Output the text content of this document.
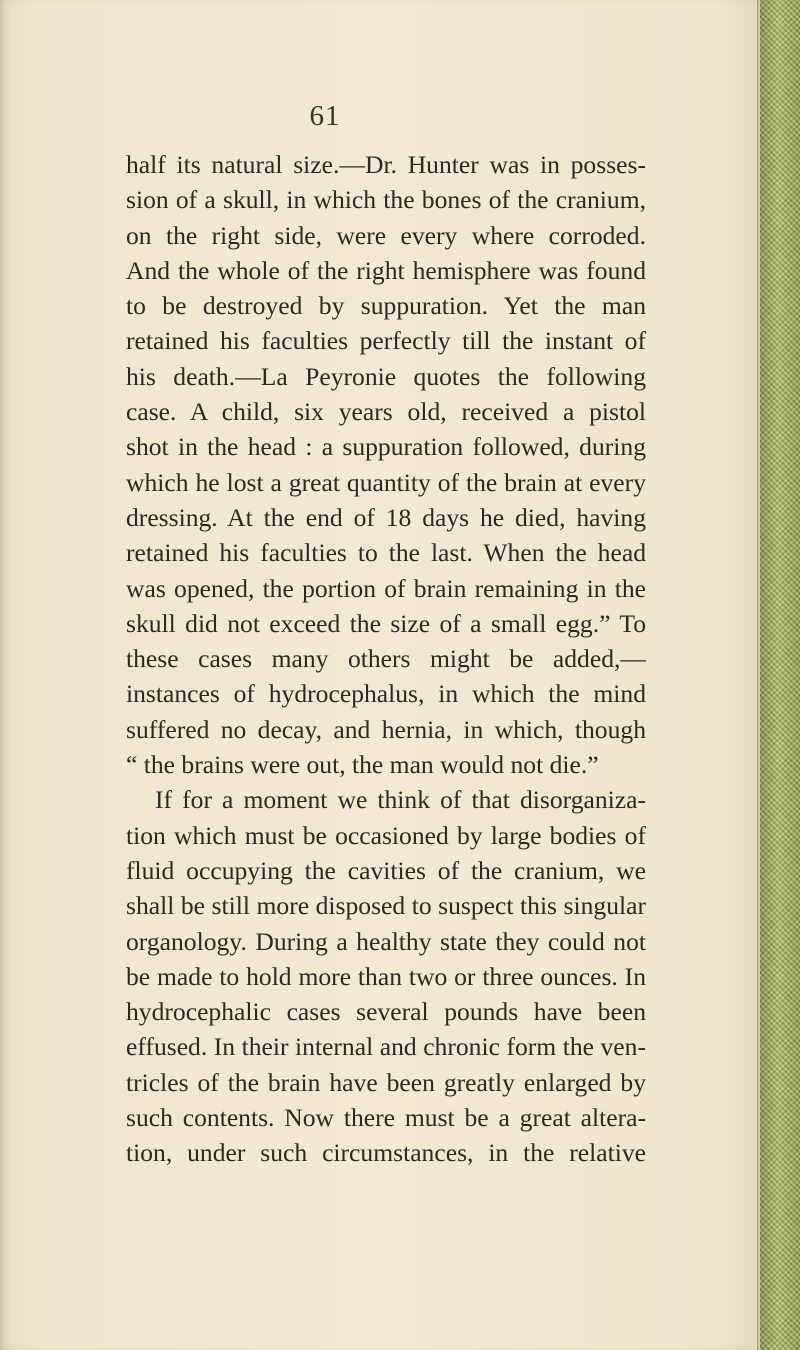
61
half its natural size.—Dr. Hunter was in posses-
sion of a skull, in which the bones of the cranium,
on the right side, were every where corroded.
And the whole of the right hemisphere was found
to be destroyed by suppuration. Yet the man
retained his faculties perfectly till the instant of
his death.—La Peyronie quotes the following
case. A child, six years old, received a pistol
shot in the head : a suppuration followed, during
which he lost a great quantity of the brain at every
dressing. At the end of 18 days he died, having
retained his faculties to the last. When the head
was opened, the portion of brain remaining in the
skull did not exceed the size of a small egg.” To
these cases many others might be added,—
instances of hydrocephalus, in which the mind
suffered no decay, and hernia, in which, though
“ the brains were out, the man would not die.”
If for a moment we think of that disorganiza-
tion which must be occasioned by large bodies of
fluid occupying the cavities of the cranium, we
shall be still more disposed to suspect this singular
organology. During a healthy state they could not
be made to hold more than two or three ounces. In
hydrocephalic cases several pounds have been
effused. In their internal and chronic form the ven-
tricles of the brain have been greatly enlarged by
such contents. Now there must be a great altera-
tion, under such circumstances, in the relative
